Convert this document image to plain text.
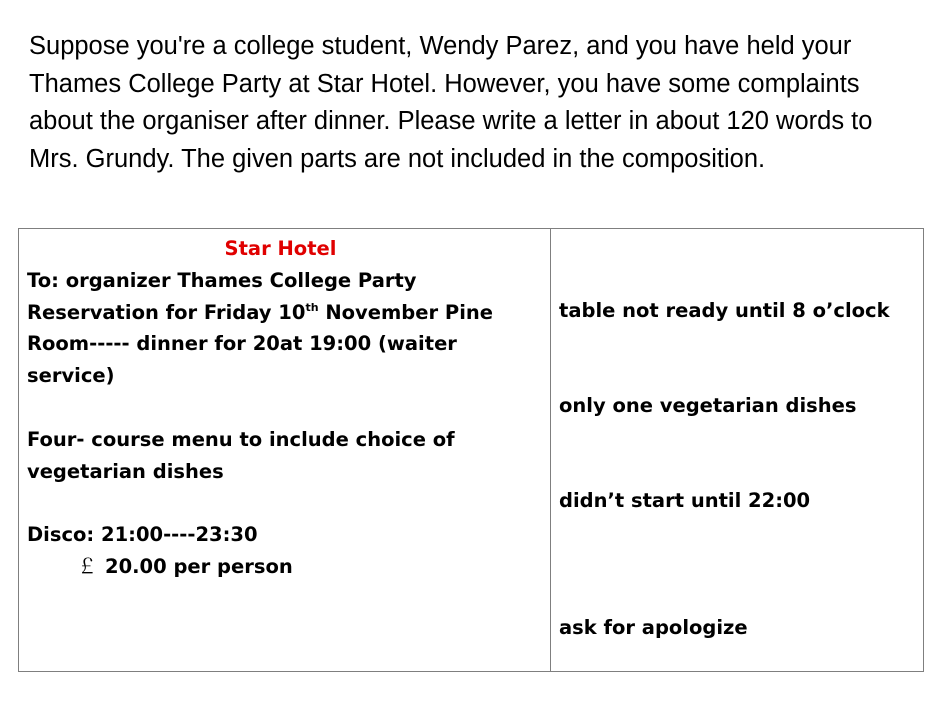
Suppose you're a college student, Wendy Parez, and you have held your Thames College Party at Star Hotel. However, you have some complaints about the organiser after dinner. Please write a letter in about 120 words to Mrs. Grundy. The given parts are not included in the composition.

Star Hotel
To: organizer Thames College Party
Reservation for Friday 10th November Pine Room----- dinner for 20at 19:00 (waiter service)
Four- course menu to include choice of vegetarian dishes
Disco: 21:00----23:30
￡ 20.00 per person

table not ready until 8 o’clock

only one vegetarian dishes

didn’t start until 22:00

ask for apologize
